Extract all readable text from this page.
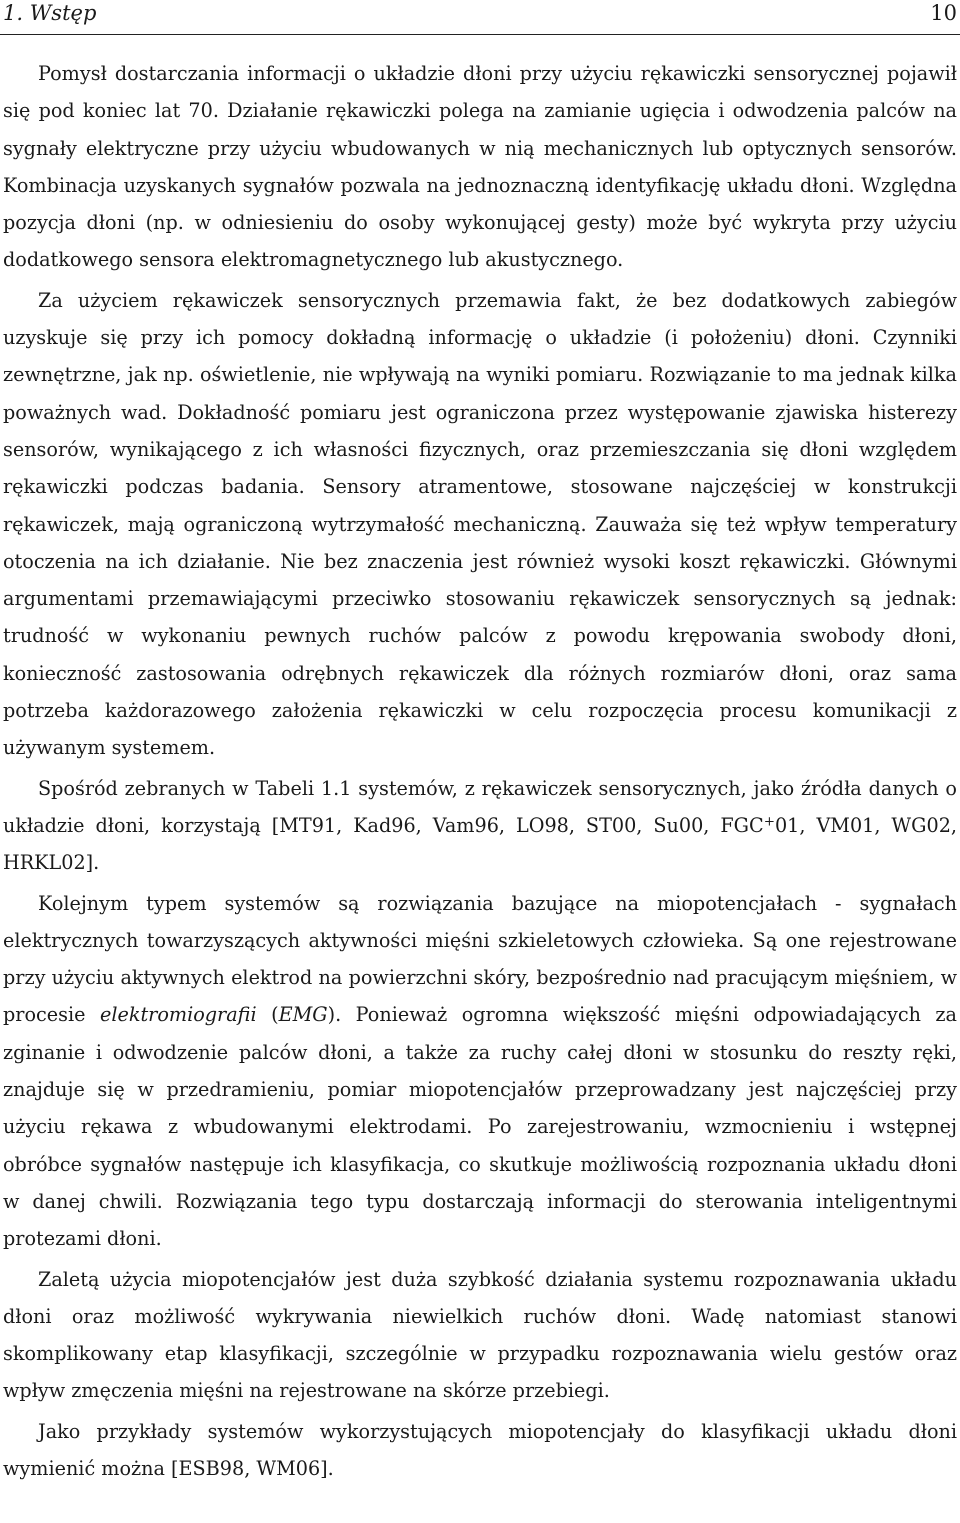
1. Wstęp	10

Pomysł dostarczania informacji o układzie dłoni przy użyciu rękawiczki sensorycznej pojawił się pod koniec lat 70. Działanie rękawiczki polega na zamianie ugięcia i odwodzenia palców na sygnały elektryczne przy użyciu wbudowanych w nią mechanicznych lub optycznych sensorów. Kombinacja uzyskanych sygnałów pozwala na jednoznaczną identyfikację układu dłoni. Względna pozycja dłoni (np. w odniesieniu do osoby wykonującej gesty) może być wykryta przy użyciu dodatkowego sensora elektromagnetycznego lub akustycznego.

Za użyciem rękawiczek sensorycznych przemawia fakt, że bez dodatkowych zabiegów uzyskuje się przy ich pomocy dokładną informację o układzie (i położeniu) dłoni. Czynniki zewnętrzne, jak np. oświetlenie, nie wpływają na wyniki pomiaru. Rozwiązanie to ma jednak kilka poważnych wad. Dokładność pomiaru jest ograniczona przez występowanie zjawiska histerezy sensorów, wynikającego z ich własności fizycznych, oraz przemieszczania się dłoni względem rękawiczki podczas badania. Sensory atramentowe, stosowane najczęściej w konstrukcji rękawiczek, mają ograniczoną wytrzymałość mechaniczną. Zauważa się też wpływ temperatury otoczenia na ich działanie. Nie bez znaczenia jest również wysoki koszt rękawiczki. Głównymi argumentami przemawiającymi przeciwko stosowaniu rękawiczek sensorycznych są jednak: trudność w wykonaniu pewnych ruchów palców z powodu krępowania swobody dłoni, konieczność zastosowania odrębnych rękawiczek dla różnych rozmiarów dłoni, oraz sama potrzeba każdorazowego założenia rękawiczki w celu rozpoczęcia procesu komunikacji z używanym systemem.

Spośród zebranych w Tabeli 1.1 systemów, z rękawiczek sensorycznych, jako źródła danych o układzie dłoni, korzystają [MT91, Kad96, Vam96, LO98, ST00, Su00, FGC+01, VM01, WG02, HRKL02].

Kolejnym typem systemów są rozwiązania bazujące na miopotencjałach - sygnałach elektrycznych towarzyszących aktywności mięśni szkieletowych człowieka. Są one rejestrowane przy użyciu aktywnych elektrod na powierzchni skóry, bezpośrednio nad pracującym mięśniem, w procesie elektromiografii (EMG). Ponieważ ogromna większość mięśni odpowiadających za zginanie i odwodzenie palców dłoni, a także za ruchy całej dłoni w stosunku do reszty ręki, znajduje się w przedramieniu, pomiar miopotencjałów przeprowadzany jest najczęściej przy użyciu rękawa z wbudowanymi elektrodami. Po zarejestrowaniu, wzmocnieniu i wstępnej obróbce sygnałów następuje ich klasyfikacja, co skutkuje możliwością rozpoznania układu dłoni w danej chwili. Rozwiązania tego typu dostarczają informacji do sterowania inteligentnymi protezami dłoni.

Zaletą użycia miopotencjałów jest duża szybkość działania systemu rozpoznawania układu dłoni oraz możliwość wykrywania niewielkich ruchów dłoni. Wadę natomiast stanowi skomplikowany etap klasyfikacji, szczególnie w przypadku rozpoznawania wielu gestów oraz wpływ zmęczenia mięśni na rejestrowane na skórze przebiegi.

Jako przykłady systemów wykorzystujących miopotencjały do klasyfikacji układu dłoni wymienić można [ESB98, WM06].
